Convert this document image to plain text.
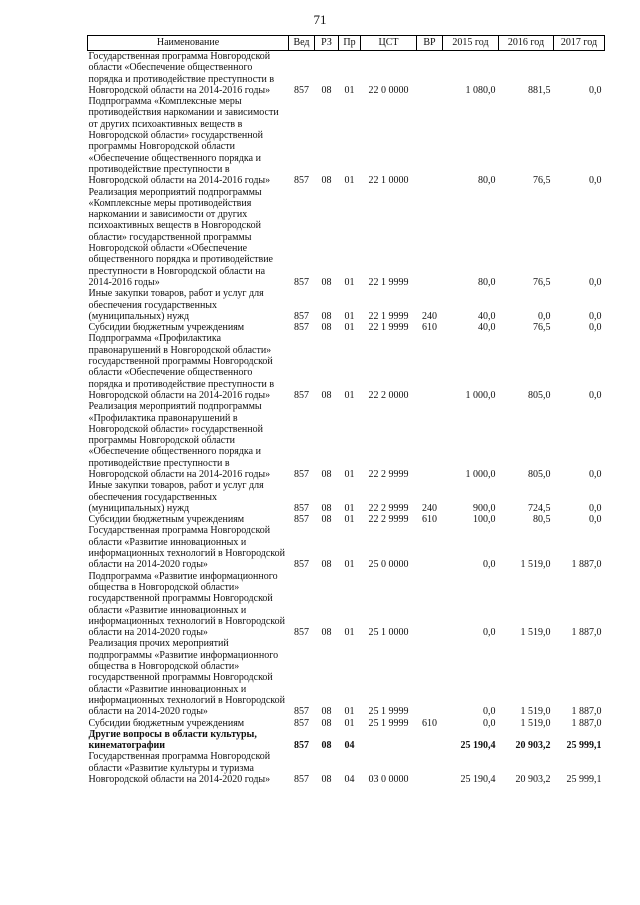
71
Наименование	Вед	РЗ	Пр	ЦСТ	ВР	2015 год	2016 год	2017 год
Государственная программа Новгородской области «Обеспечение общественного порядка и противодействие преступности в Новгородской области на 2014-2016 годы»	857	08	01	22 0 0000		1 080,0	881,5	0,0
Подпрограмма «Комплексные меры противодействия наркомании и зависимости от других психоактивных веществ в Новгородской области» государственной программы Новгородской области «Обеспечение общественного порядка и противодействие преступности в Новгородской области на 2014-2016 годы»	857	08	01	22 1 0000		80,0	76,5	0,0
Реализация мероприятий подпрограммы «Комплексные меры противодействия наркомании и зависимости от других психоактивных веществ в Новгородской области» государственной программы Новгородской области «Обеспечение общественного порядка и противодействие преступности в Новгородской области на 2014-2016 годы»	857	08	01	22 1 9999		80,0	76,5	0,0
Иные закупки товаров, работ и услуг для обеспечения государственных (муниципальных) нужд	857	08	01	22 1 9999	240	40,0	0,0	0,0
Субсидии бюджетным учреждениям	857	08	01	22 1 9999	610	40,0	76,5	0,0
Подпрограмма «Профилактика правонарушений в Новгородской области» государственной программы Новгородской области «Обеспечение общественного порядка и противодействие преступности в Новгородской области на 2014-2016 годы»	857	08	01	22 2 0000		1 000,0	805,0	0,0
Реализация мероприятий подпрограммы «Профилактика правонарушений в Новгородской области» государственной программы Новгородской области «Обеспечение общественного порядка и противодействие преступности в Новгородской области на 2014-2016 годы»	857	08	01	22 2 9999		1 000,0	805,0	0,0
Иные закупки товаров, работ и услуг для обеспечения государственных (муниципальных) нужд	857	08	01	22 2 9999	240	900,0	724,5	0,0
Субсидии бюджетным учреждениям	857	08	01	22 2 9999	610	100,0	80,5	0,0
Государственная программа Новгородской области «Развитие инновационных и информационных технологий в Новгородской области на 2014-2020 годы»	857	08	01	25 0 0000		0,0	1 519,0	1 887,0
Подпрограмма «Развитие информационного общества в Новгородской области» государственной программы Новгородской области «Развитие инновационных и информационных технологий в Новгородской области на 2014-2020 годы»	857	08	01	25 1 0000		0,0	1 519,0	1 887,0
Реализация прочих мероприятий подпрограммы «Развитие информационного общества в Новгородской области» государственной программы Новгородской области «Развитие инновационных и информационных технологий в Новгородской области на 2014-2020 годы»	857	08	01	25 1 9999		0,0	1 519,0	1 887,0
Субсидии бюджетным учреждениям	857	08	01	25 1 9999	610	0,0	1 519,0	1 887,0
Другие вопросы в области культуры, кинематографии	857	08	04			25 190,4	20 903,2	25 999,1
Государственная программа Новгородской области «Развитие культуры и туризма Новгородской области на 2014-2020 годы»	857	08	04	03 0 0000		25 190,4	20 903,2	25 999,1
